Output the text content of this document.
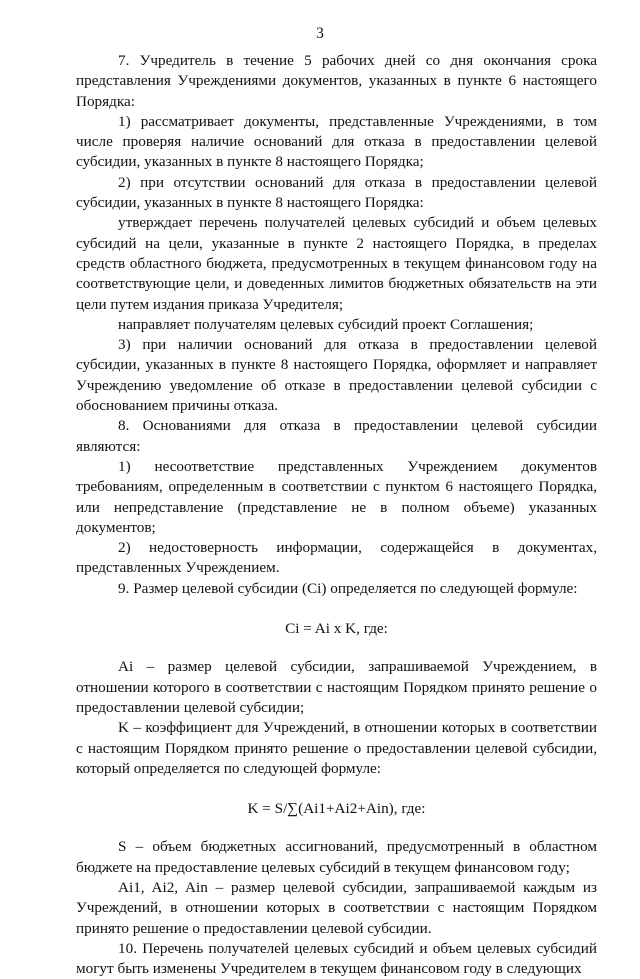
3

7. Учредитель в течение 5 рабочих дней со дня окончания срока представления Учреждениями документов, указанных в пункте 6 настоящего Порядка:

1) рассматривает документы, представленные Учреждениями, в том числе проверяя наличие оснований для отказа в предоставлении целевой субсидии, указанных в пункте 8 настоящего Порядка;

2) при отсутствии оснований для отказа в предоставлении целевой субсидии, указанных в пункте 8 настоящего Порядка:

утверждает перечень получателей целевых субсидий и объем целевых субсидий на цели, указанные в пункте 2 настоящего Порядка, в пределах средств областного бюджета, предусмотренных в текущем финансовом году на соответствующие цели, и доведенных лимитов бюджетных обязательств на эти цели путем издания приказа Учредителя;

направляет получателям целевых субсидий проект Соглашения;

3) при наличии оснований для отказа в предоставлении целевой субсидии, указанных в пункте 8 настоящего Порядка, оформляет и направляет Учреждению уведомление об отказе в предоставлении целевой субсидии с обоснованием причины отказа.

8. Основаниями для отказа в предоставлении целевой субсидии являются:

1) несоответствие представленных Учреждением документов требованиям, определенным в соответствии с пунктом 6 настоящего Порядка, или непредставление (представление не в полном объеме) указанных документов;

2) недостоверность информации, содержащейся в документах, представленных Учреждением.

9. Размер целевой субсидии (Ci) определяется по следующей формуле:

Ci = Ai x K, где:

Ai – размер целевой субсидии, запрашиваемой Учреждением, в отношении которого в соответствии с настоящим Порядком принято решение о предоставлении целевой субсидии;

K – коэффициент для Учреждений, в отношении которых в соответствии с настоящим Порядком принято решение о предоставлении целевой субсидии, который определяется по следующей формуле:

K = S/∑(Ai1+Ai2+Ain), где:

S – объем бюджетных ассигнований, предусмотренный в областном бюджете на предоставление целевых субсидий в текущем финансовом году;

Ai1, Ai2, Ain – размер целевой субсидии, запрашиваемой каждым из Учреждений, в отношении которых в соответствии с настоящим Порядком принято решение о предоставлении целевой субсидии.

10. Перечень получателей целевых субсидий и объем целевых субсидий могут быть изменены Учредителем в текущем финансовом году в следующих
